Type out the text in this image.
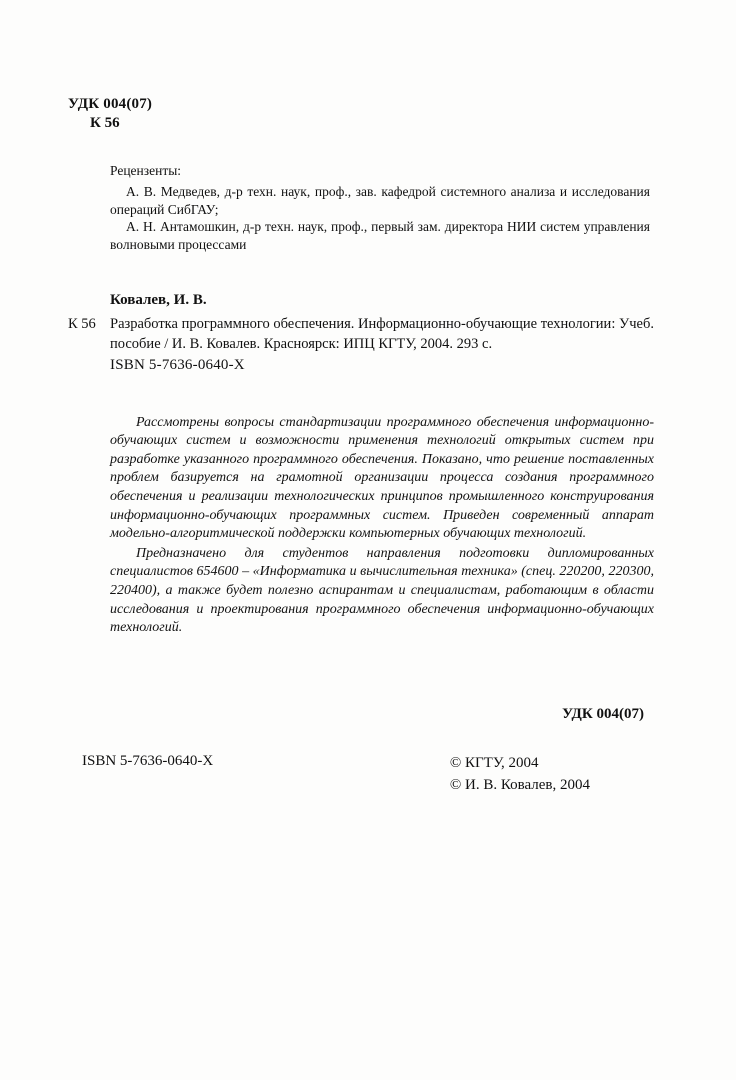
УДК 004(07)
К 56

Рецензенты:

А. В. Медведев, д-р техн. наук, проф., зав. кафедрой системного анализа и исследования операций СибГАУ;

А. Н. Антамошкин, д-р техн. наук, проф., первый зам. директора НИИ систем управления волновыми процессами

Ковалев, И. В.
К 56 Разработка программного обеспечения. Информационно-обучающие технологии: Учеб. пособие / И. В. Ковалев. Красноярск: ИПЦ КГТУ, 2004. 293 с.
ISBN 5-7636-0640-Х

Рассмотрены вопросы стандартизации программного обеспечения информационно-обучающих систем и возможности применения технологий открытых систем при разработке указанного программного обеспечения. Показано, что решение поставленных проблем базируется на грамотной организации процесса создания программного обеспечения и реализации технологических принципов промышленного конструирования информационно-обучающих программных систем. Приведен современный аппарат модельно-алгоритмической поддержки компьютерных обучающих технологий.

Предназначено для студентов направления подготовки дипломированных специалистов 654600 – «Информатика и вычислительная техника» (спец. 220200, 220300, 220400), а также будет полезно аспирантам и специалистам, работающим в области исследования и проектирования программного обеспечения информационно-обучающих технологий.

УДК 004(07)
ISBN 5-7636-0640-Х	© КГТУ, 2004
© И. В. Ковалев, 2004
